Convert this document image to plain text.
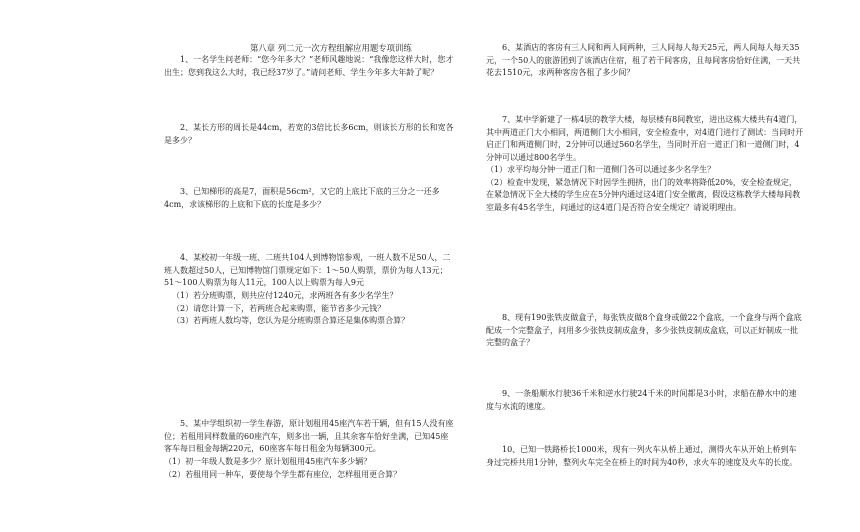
第八章 列二元一次方程组解应用题专项训练

1、一名学生问老师：“您今年多大？”老师风趣地说：“我像您这样大时，您才出生；您到我这么大时，我已经37岁了。”请问老师、学生今年多大年龄了呢？

2、某长方形的周长是44cm，若宽的3倍比长多6cm，则该长方形的长和宽各是多少？

3、已知梯形的高是7，面积是56cm²，又它的上底比下底的三分之一还多4cm，求该梯形的上底和下底的长度是多少？

4、某校初一年级一班、二班共104人到博物馆参观，一班人数不足50人，二班人数超过50人，已知博物馆门票规定如下：1～50人购票，票价为每人13元；51～100人购票为每人11元，100人以上购票为每人9元

（1）若分班购票，则共应付1240元，求两班各有多少名学生？

（2）请您计算一下，若两班合起来购票，能节省多少元钱？

（3）若两班人数均等，您认为是分班购票合算还是集体购票合算？

5、某中学组织初一学生春游，原计划租用45座汽车若干辆，但有15人没有座位；若租用同样数量的60座汽车，则多出一辆，且其余客车恰好坐满，已知45座客车每日租金每辆220元，60座客车每日租金为每辆300元。

（1）初一年级人数是多少？原计划租用45座汽车多少辆？

（2）若租用同一种车，要使每个学生都有座位，怎样租用更合算？

6、某酒店的客房有三人间和两人间两种，三人间每人每天25元，两人间每人每天35元，一个50人的旅游团到了该酒店住宿，租了若干间客房，且每间客房恰好住满，一天共花去1510元，求两种客房各租了多少间？

7、某中学新建了一栋4层的教学大楼，每层楼有8间教室，进出这栋大楼共有4道门，其中两道正门大小相同，两道侧门大小相同，安全检查中，对4道门进行了测试：当同时开启正门和两道侧门时，2分钟可以通过560名学生，当同时开启一道正门和一道侧门时，4分钟可以通过800名学生。

（1）求平均每分钟一道正门和一道侧门各可以通过多少名学生？

（2）检查中发现，紧急情况下时因学生拥挤，出门的效率将降低20%，安全检查规定，在紧急情况下全大楼的学生应在5分钟内通过这4道门安全撤离，假设这栋教学大楼每间教室最多有45名学生，问通过的这4道门是否符合安全规定？请说明理由。

8、现有190张铁皮做盒子，每张铁皮做8个盒身或做22个盒底，一个盒身与两个盒底配成一个完整盒子，问用多少张铁皮制成盒身，多少张铁皮制成盒底，可以正好制成一批完整的盒子？

9、一条船顺水行驶36千米和逆水行驶24千米的时间都是3小时，求船在静水中的速度与水流的速度。

10、已知一铁路桥长1000米，现有一列火车从桥上通过，测得火车从开始上桥到车身过完桥共用1分钟，整列火车完全在桥上的时间为40秒，求火车的速度及火车的长度。
